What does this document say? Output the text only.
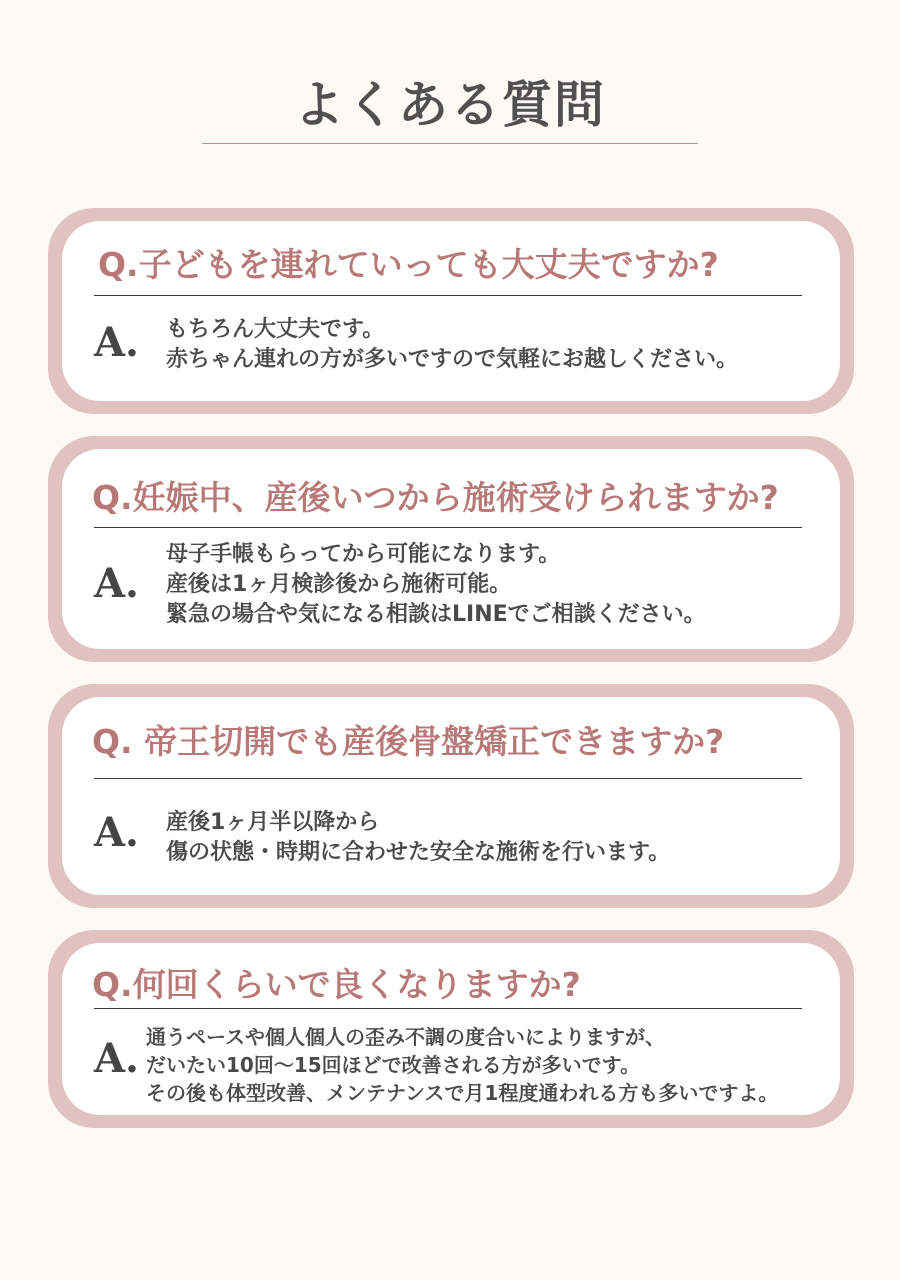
よくある質問
Q.子どもを連れていっても大丈夫ですか?
A. もちろん大丈夫です。
赤ちゃん連れの方が多いですので気軽にお越しください。
Q.妊娠中、産後いつから施術受けられますか?
A.
母子手帳もらってから可能になります。
産後は1ヶ月検診後から施術可能。
緊急の場合や気になる相談はLINEでご相談ください。
Q. 帝王切開でも産後骨盤矯正できますか?
A. 産後1ヶ月半以降から
傷の状態・時期に合わせた安全な施術を行います。
Q.何回くらいで良くなりますか?
A. 通うペースや個人個人の歪み不調の度合いによりますが、
だいたい10回〜15回ほどで改善される方が多いです。
その後も体型改善、メンテナンスで月1程度通われる方も多いですよ。
